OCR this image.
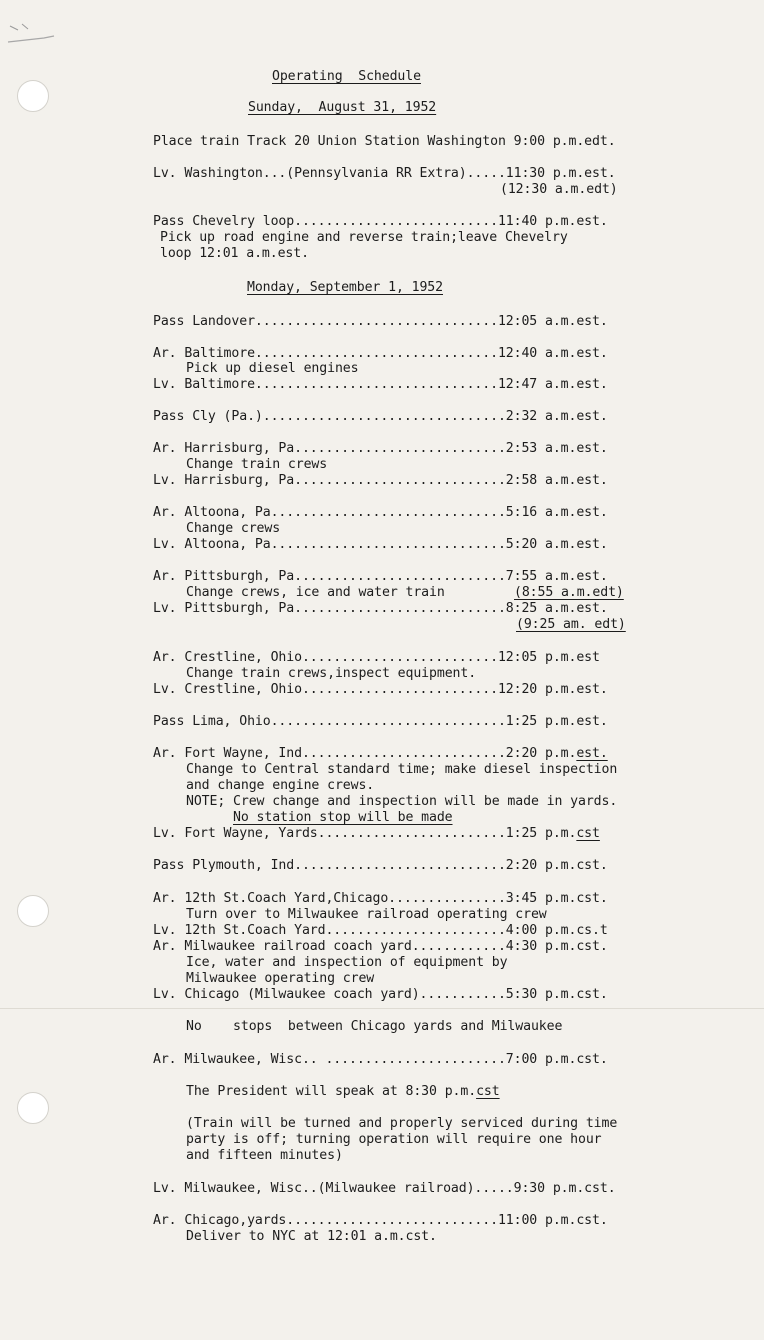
Operating  Schedule
Sunday,  August 31, 1952
Place train Track 20 Union Station Washington 9:00 p.m.edt.
Lv. Washington...(Pennsylvania RR Extra).....11:30 p.m.est.
(12:30 a.m.edt)
Pass Chevelry loop..........................11:40 p.m.est.
Pick up road engine and reverse train;leave Chevelry
loop 12:01 a.m.est.
Monday, September 1, 1952
Pass Landover...............................12:05 a.m.est.
Ar. Baltimore...............................12:40 a.m.est.
Pick up diesel engines
Lv. Baltimore...............................12:47 a.m.est.
Pass Cly (Pa.)...............................2:32 a.m.est.
Ar. Harrisburg, Pa...........................2:53 a.m.est.
Change train crews
Lv. Harrisburg, Pa...........................2:58 a.m.est.
Ar. Altoona, Pa..............................5:16 a.m.est.
Change crews
Lv. Altoona, Pa..............................5:20 a.m.est.
Ar. Pittsburgh, Pa...........................7:55 a.m.est.
Change crews, ice and water train	(8:55 a.m.edt)
Lv. Pittsburgh, Pa...........................8:25 a.m.est.
(9:25 am. edt)
Ar. Crestline, Ohio.........................12:05 p.m.est
Change train crews,inspect equipment.
Lv. Crestline, Ohio.........................12:20 p.m.est.
Pass Lima, Ohio..............................1:25 p.m.est.
Ar. Fort Wayne, Ind..........................2:20 p.m.est.
Change to Central standard time; make diesel inspection
and change engine crews.
NOTE; Crew change and inspection will be made in yards.
No station stop will be made
Lv. Fort Wayne, Yards........................1:25 p.m.cst
Pass Plymouth, Ind...........................2:20 p.m.cst.
Ar. 12th St.Coach Yard,Chicago...............3:45 p.m.cst.
Turn over to Milwaukee railroad operating crew
Lv. 12th St.Coach Yard.......................4:00 p.m.cs.t
Ar. Milwaukee railroad coach yard............4:30 p.m.cst.
Ice, water and inspection of equipment by
Milwaukee operating crew
Lv. Chicago (Milwaukee coach yard)...........5:30 p.m.cst.
No    stops  between Chicago yards and Milwaukee
Ar. Milwaukee, Wisc.. .......................7:00 p.m.cst.
The President will speak at 8:30 p.m.cst
(Train will be turned and properly serviced during time
party is off; turning operation will require one hour
and fifteen minutes)
Lv. Milwaukee, Wisc..(Milwaukee railroad).....9:30 p.m.cst.
Ar. Chicago,yards...........................11:00 p.m.cst.
Deliver to NYC at 12:01 a.m.cst.
